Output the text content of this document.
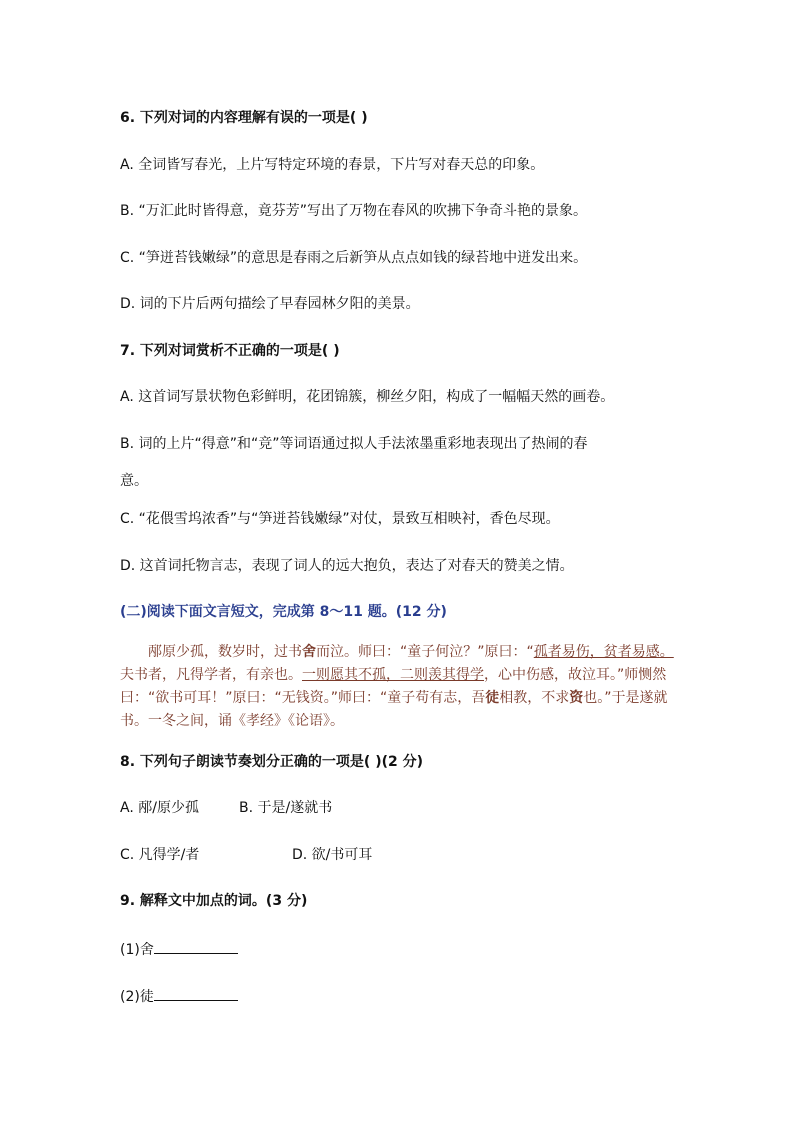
6. 下列对词的内容理解有误的一项是( )
A. 全词皆写春光，上片写特定环境的春景，下片写对春天总的印象。
B. “万汇此时皆得意，竟芬芳”写出了万物在春风的吹拂下争奇斗艳的景象。
C. “笋迸苔钱嫩绿”的意思是春雨之后新笋从点点如钱的绿苔地中迸发出来。
D. 词的下片后两句描绘了早春园林夕阳的美景。
7. 下列对词赏析不正确的一项是( )
A. 这首词写景状物色彩鲜明，花团锦簇，柳丝夕阳，构成了一幅幅天然的画卷。
B. 词的上片“得意”和“竞”等词语通过拟人手法浓墨重彩地表现出了热闹的春
意。
C. “花偎雪坞浓香”与“笋迸苔钱嫩绿”对仗，景致互相映衬，香色尽现。
D. 这首词托物言志，表现了词人的远大抱负，表达了对春天的赞美之情。
(二)阅读下面文言短文，完成第 8～11 题。(12 分)

邴原少孤，数岁时，过书舍而泣。师曰：“童子何泣？”原曰：“孤者易伤，贫者易感。夫书者，凡得学者，有亲也。一则愿其不孤，二则羡其得学，心中伤感，故泣耳。”师恻然曰：“欲书可耳！”原曰：“无钱资。”师曰：“童子苟有志，吾徒相教，不求资也。”于是遂就书。一冬之间，诵《孝经》《论语》。

8. 下列句子朗读节奏划分正确的一项是( )(2 分)
A. 邴/原少孤	B. 于是/遂就书
C. 凡得学/者	D. 欲/书可耳
9. 解释文中加点的词。(3 分)
(1)舍
(2)徒
